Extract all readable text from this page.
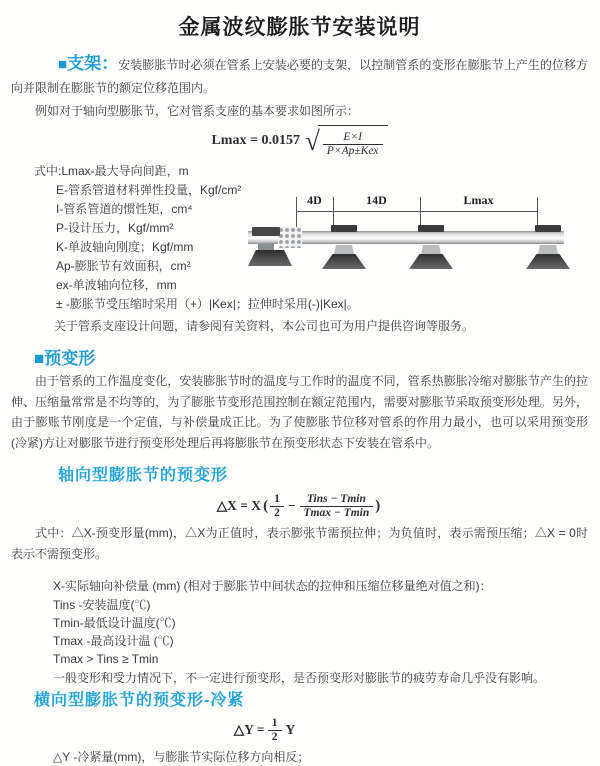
金属波纹膨胀节安装说明

■支架：安装膨胀节时必须在管系上安装必要的支架，以控制管系的变形在膨胀节上产生的位移方向并限制在膨胀节的额定位移范围内。

例如对于轴向型膨胀节，它对管系支座的基本要求如图所示：

Lmax = 0.0157 √ $\frac{E\times I}{\text{P×Ap±Kex}}$
式中:Lmax-最大导向间距，m
E-管系管道材料弹性投量，Kgf/cm²
I-管系管道的惯性矩，cm⁴
P-设计压力，Kgf/mm²
K-单波轴向刚度；Kgf/mm
Ap-膨胀节有效面积，cm²
ex-单波轴向位移，mm
± -膨胀节受压缩时采用（+）|Kex|；拉伸时采用(-)|Kex|。

关于管系支座设计问题，请参阅有关资料，本公司也可为用户提供咨询等服务。

■预变形

由于管系的工作温度变化，安装膨胀节时的温度与工作时的温度不同，管系热膨胀冷缩对膨胀节产生的拉伸、压缩量常常是不均等的，为了膨胀节变形范围控制在额定范围内，需要对膨胀节采取预变形处理。另外，由于膨账节刚度是一个定值，与补偿量成正比。为了使膨胀节位移对管系的作用力最小，也可以采用预变形(冷紧)方让对膨胀节进行预变形处理后再将膨胀节在预变形状态下安装在管系中。

轴向型膨胀节的预变形
△X = X ( $\frac{1}{2} - \frac{\text{Tins − Tmin}}{Tmax - Tmin}$ )

式中：△X-预变形量(mm)，△X为正值时，表示膨张节需预拉伸；为负值时，表示需预压缩；△X = 0时表示不需预变形。

X-实际轴向补偿量 (mm) (相对于膨胀节中间状态的拉伸和压缩位移量绝对值之和)：
Tins -安装温度(℃)
Tmin-最低设计温度(℃)
Tmax -最高设计温 (℃)
Tmax > Tins ≥ Tmin
一般变形和受力情况下，不一定进行预变形，是否预变形对膨胀节的疲劳寿命几乎没有影响。
横向型膨胀节的预变形-冷紧
△Y =
$\frac{1}{2}$ Y

△Y -冷紧量(mm)，与膨胀节实际位移方向相反；

4D	14D	Lmax
